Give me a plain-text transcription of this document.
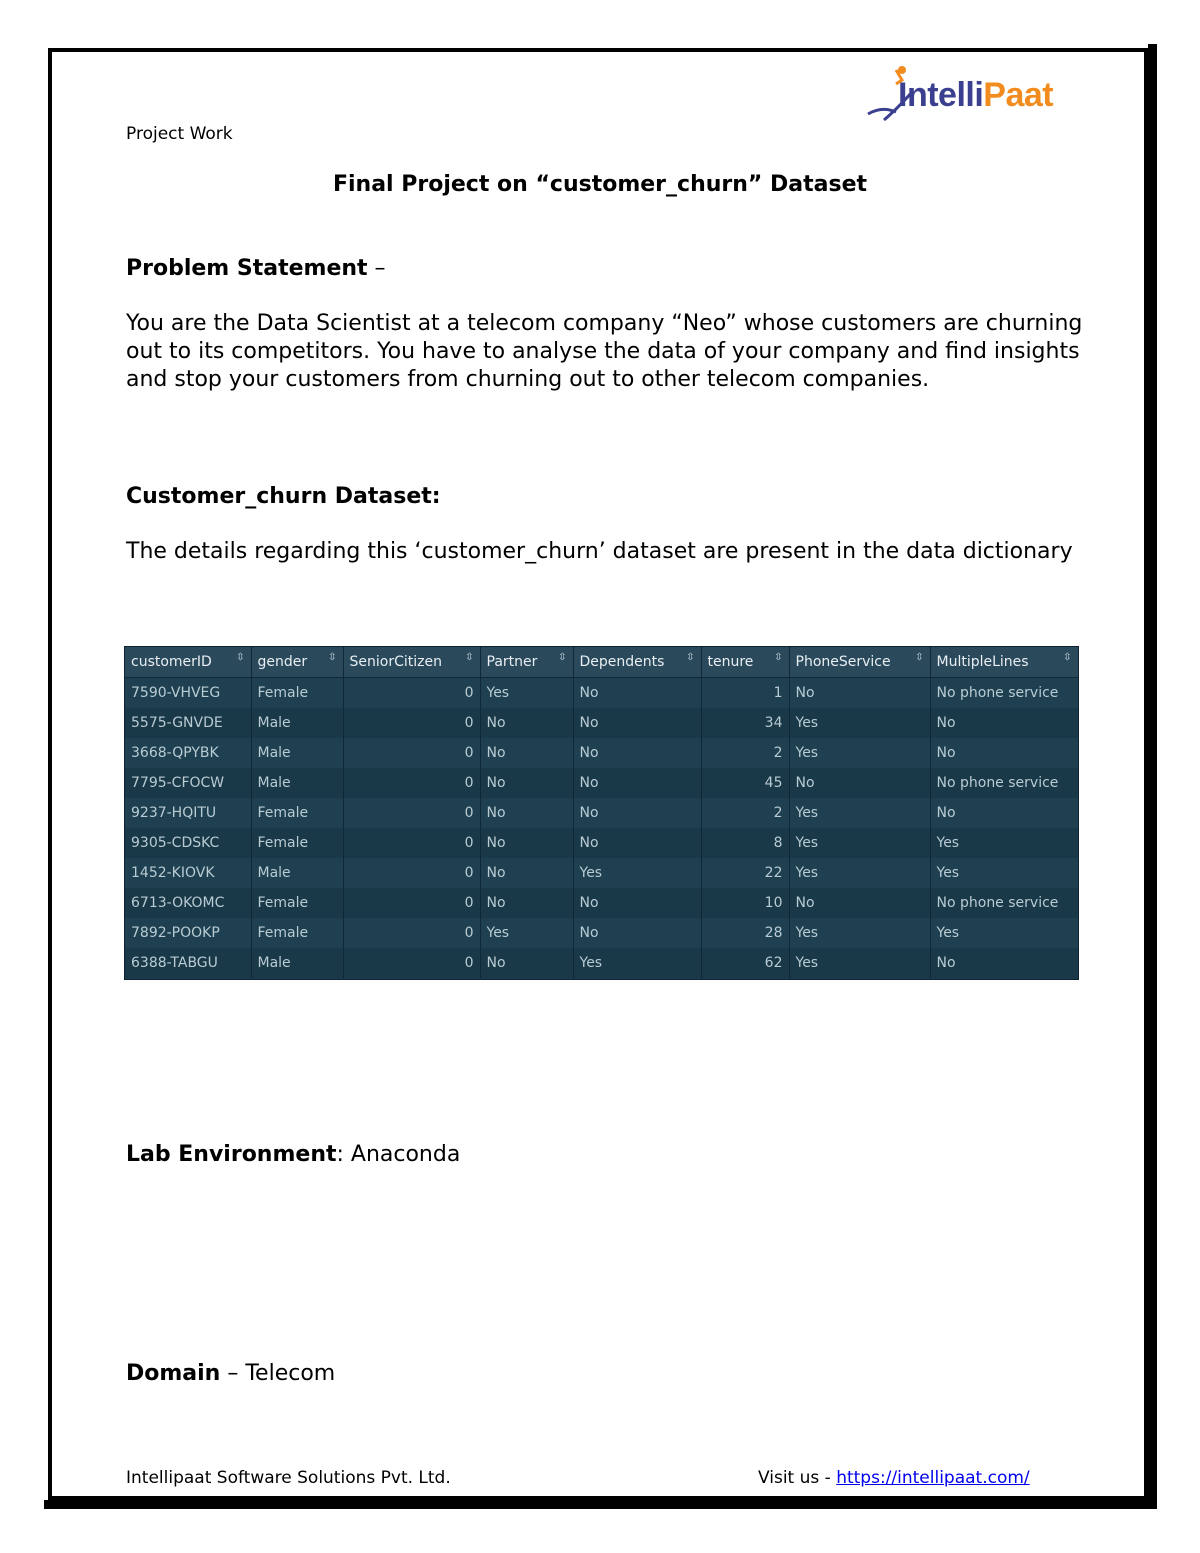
Project Work
IntelliPaat
Final Project on “customer_churn” Dataset
Problem Statement –
You are the Data Scientist at a telecom company “Neo” whose customers are churning out to its competitors. You have to analyse the data of your company and find insights and stop your customers from churning out to other telecom companies.
Customer_churn Dataset:
The details regarding this ‘customer_churn’ dataset are present in the data dictionary
customerID ⇳	gender ⇳	SeniorCitizen ⇳	Partner ⇳	Dependents ⇳	tenure ⇳	PhoneService ⇳	MultipleLines ⇳

7590-VHVEG	Female	0	Yes	No	1	No	No phone service
5575-GNVDE	Male	0	No	No	34	Yes	No
3668-QPYBK	Male	0	No	No	2	Yes	No
7795-CFOCW	Male	0	No	No	45	No	No phone service
9237-HQITU	Female	0	No	No	2	Yes	No
9305-CDSKC	Female	0	No	No	8	Yes	Yes
1452-KIOVK	Male	0	No	Yes	22	Yes	Yes
6713-OKOMC	Female	0	No	No	10	No	No phone service
7892-POOKP	Female	0	Yes	No	28	Yes	Yes
6388-TABGU	Male	0	No	Yes	62	Yes	No
Lab Environment: Anaconda
Domain – Telecom
Intellipaat Software Solutions Pvt. Ltd.	Visit us - https://intellipaat.com/
